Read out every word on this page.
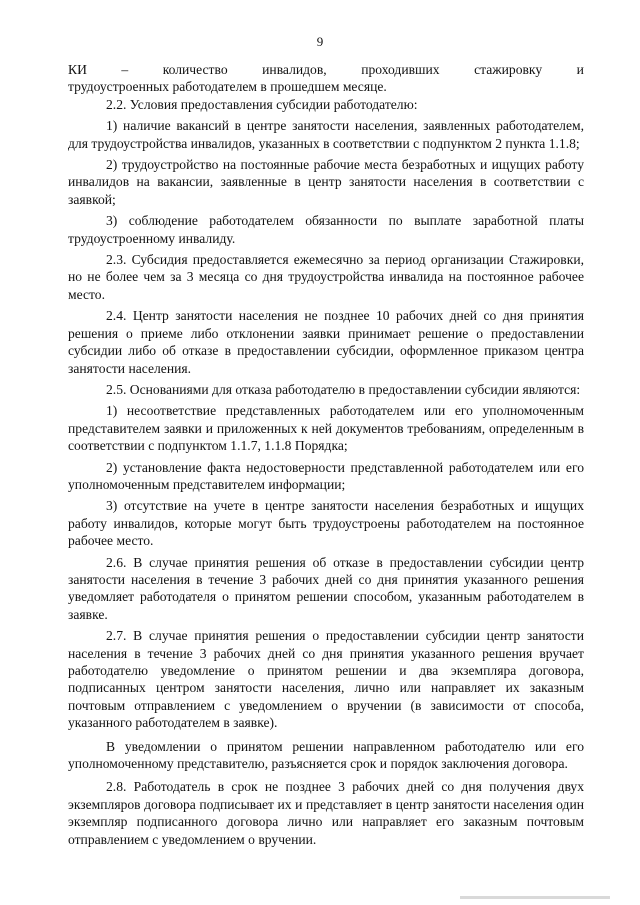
9
КИ	–	количество	инвалидов,	проходивших	стажировку	и

трудоустроенных работодателем в прошедшем месяце.

2.2. Условия предоставления субсидии работодателю:

1) наличие вакансий в центре занятости населения, заявленных работодателем, для трудоустройства инвалидов, указанных в соответствии с подпунктом 2 пункта 1.1.8;

2) трудоустройство на постоянные рабочие места безработных и ищущих работу инвалидов на вакансии, заявленные в центр занятости населения в соответствии с заявкой;

3) соблюдение работодателем обязанности по выплате заработной платы трудоустроенному инвалиду.

2.3. Субсидия предоставляется ежемесячно за период организации Стажировки, но не более чем за 3 месяца со дня трудоустройства инвалида на постоянное рабочее место.

2.4. Центр занятости населения не позднее 10 рабочих дней со дня принятия решения о приеме либо отклонении заявки принимает решение о предоставлении субсидии либо об отказе в предоставлении субсидии, оформленное приказом центра занятости населения.

2.5. Основаниями для отказа работодателю в предоставлении субсидии являются:

1) несоответствие представленных работодателем или его уполномоченным представителем заявки и приложенных к ней документов требованиям, определенным в соответствии с подпунктом 1.1.7, 1.1.8 Порядка;

2) установление факта недостоверности представленной работодателем или его уполномоченным представителем информации;

3) отсутствие на учете в центре занятости населения безработных и ищущих работу инвалидов, которые могут быть трудоустроены работодателем на постоянное рабочее место.

2.6. В случае принятия решения об отказе в предоставлении субсидии центр занятости населения в течение 3 рабочих дней со дня принятия указанного решения уведомляет работодателя о принятом решении способом, указанным работодателем в заявке.

2.7. В случае принятия решения о предоставлении субсидии центр занятости населения в течение 3 рабочих дней со дня принятия указанного решения вручает работодателю уведомление о принятом решении и два экземпляра договора, подписанных центром занятости населения, лично или направляет их заказным почтовым отправлением с уведомлением о вручении (в зависимости от способа, указанного работодателем в заявке).

В уведомлении о принятом решении направленном работодателю или его уполномоченному представителю, разъясняется срок и порядок заключения договора.

2.8. Работодатель в срок не позднее 3 рабочих дней со дня получения двух экземпляров договора подписывает их и представляет в центр занятости населения один экземпляр подписанного договора лично или направляет его заказным почтовым отправлением с уведомлением о вручении.
